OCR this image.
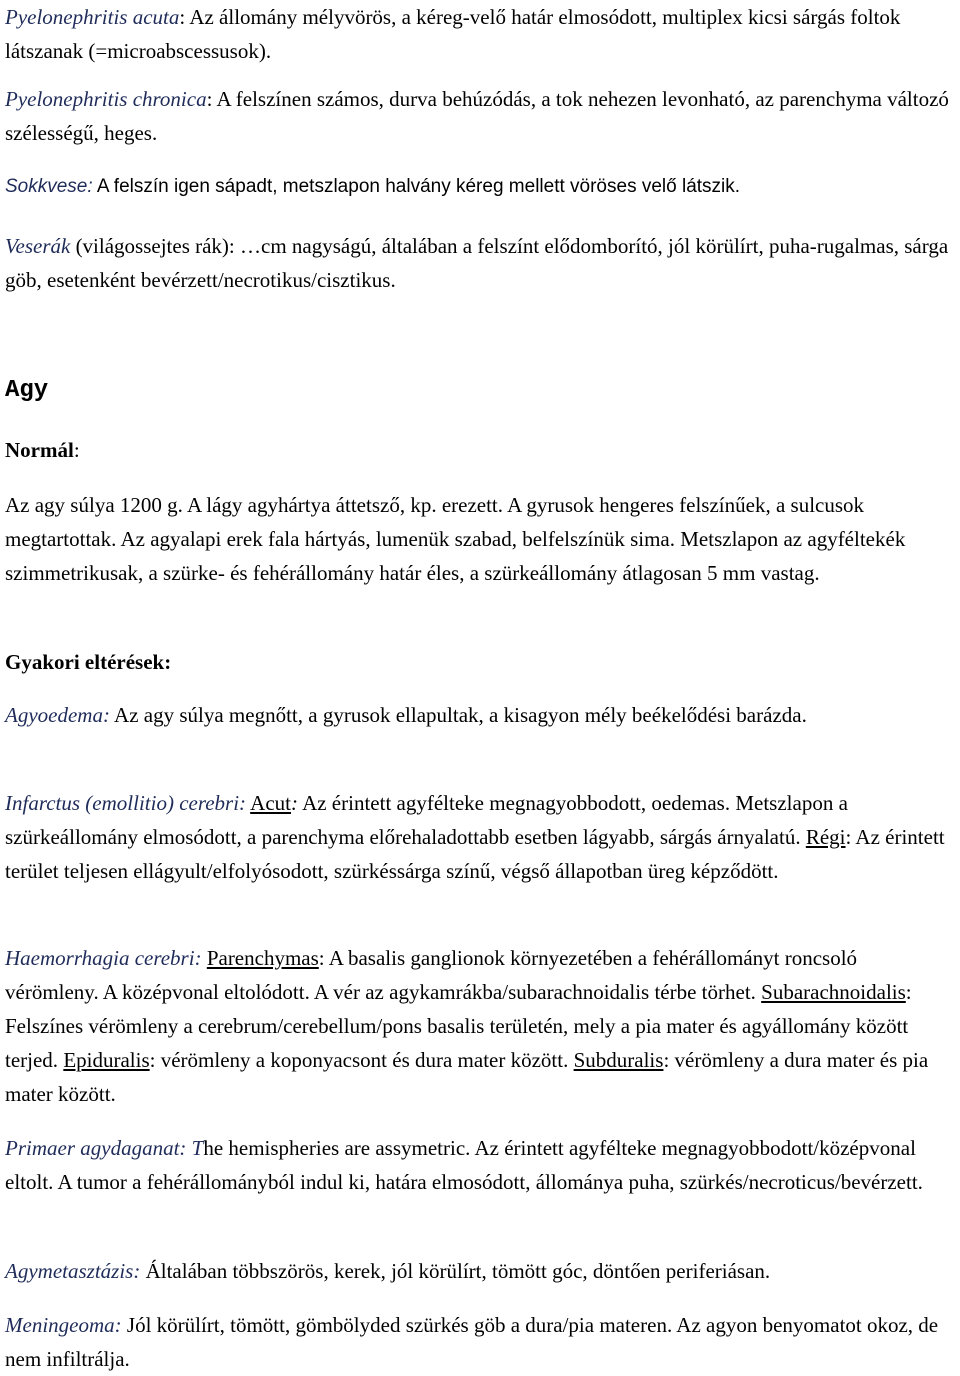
Pyelonephritis acuta: Az állomány mélyvörös, a kéreg-velő határ elmosódott, multiplex kicsi sárgás foltok látszanak (=microabscessusok).

Pyelonephritis chronica: A felszínen számos, durva behúzódás, a tok nehezen levonható, az parenchyma változó szélességű, heges.

Sokkvese: A felszín igen sápadt, metszlapon halvány kéreg mellett vöröses velő látszik.

Veserák (világossejtes rák): …cm nagyságú, általában a felszínt elődomborító, jól körülírt, puha-rugalmas, sárga göb, esetenként bevérzett/necrotikus/cisztikus.

Agy

Normál:

Az agy súlya 1200 g. A lágy agyhártya áttetsző, kp. erezett. A gyrusok hengeres felszínűek, a sulcusok megtartottak. Az agyalapi erek fala hártyás, lumenük szabad, belfelszínük sima. Metszlapon az agyféltekék szimmetrikusak, a szürke- és fehérállomány határ éles, a szürkeállomány átlagosan 5 mm vastag.

Gyakori eltérések:

Agyoedema: Az agy súlya megnőtt, a gyrusok ellapultak, a kisagyon mély beékelődési barázda.

Infarctus (emollitio) cerebri: Acut: Az érintett agyfélteke megnagyobbodott, oedemas. Metszlapon a szürkeállomány elmosódott, a parenchyma előrehaladottabb esetben lágyabb, sárgás árnyalatú. Régi: Az érintett terület teljesen ellágyult/elfolyósodott, szürkéssárga színű, végső állapotban üreg képződött.

Haemorrhagia cerebri: Parenchymas: A basalis ganglionok környezetében a fehérállományt roncsoló vérömleny. A középvonal eltolódott. A vér az agykamrákba/subarachnoidalis térbe törhet. Subarachnoidalis: Felszínes vérömleny a cerebrum/cerebellum/pons basalis területén, mely a pia mater és agyállomány között terjed. Epiduralis: vérömleny a koponyacsont és dura mater között. Subduralis: vérömleny a dura mater és pia mater között.

Primaer agydaganat: The hemispheries are assymetric. Az érintett agyfélteke megnagyobbodott/középvonal eltolt. A tumor a fehérállományból indul ki, határa elmosódott, állománya puha, szürkés/necroticus/bevérzett.

Agymetasztázis: Általában többszörös, kerek, jól körülírt, tömött góc, döntően periferiásan.

Meningeoma: Jól körülírt, tömött, gömbölyded szürkés göb a dura/pia materen. Az agyon benyomatot okoz, de nem infiltrálja.
